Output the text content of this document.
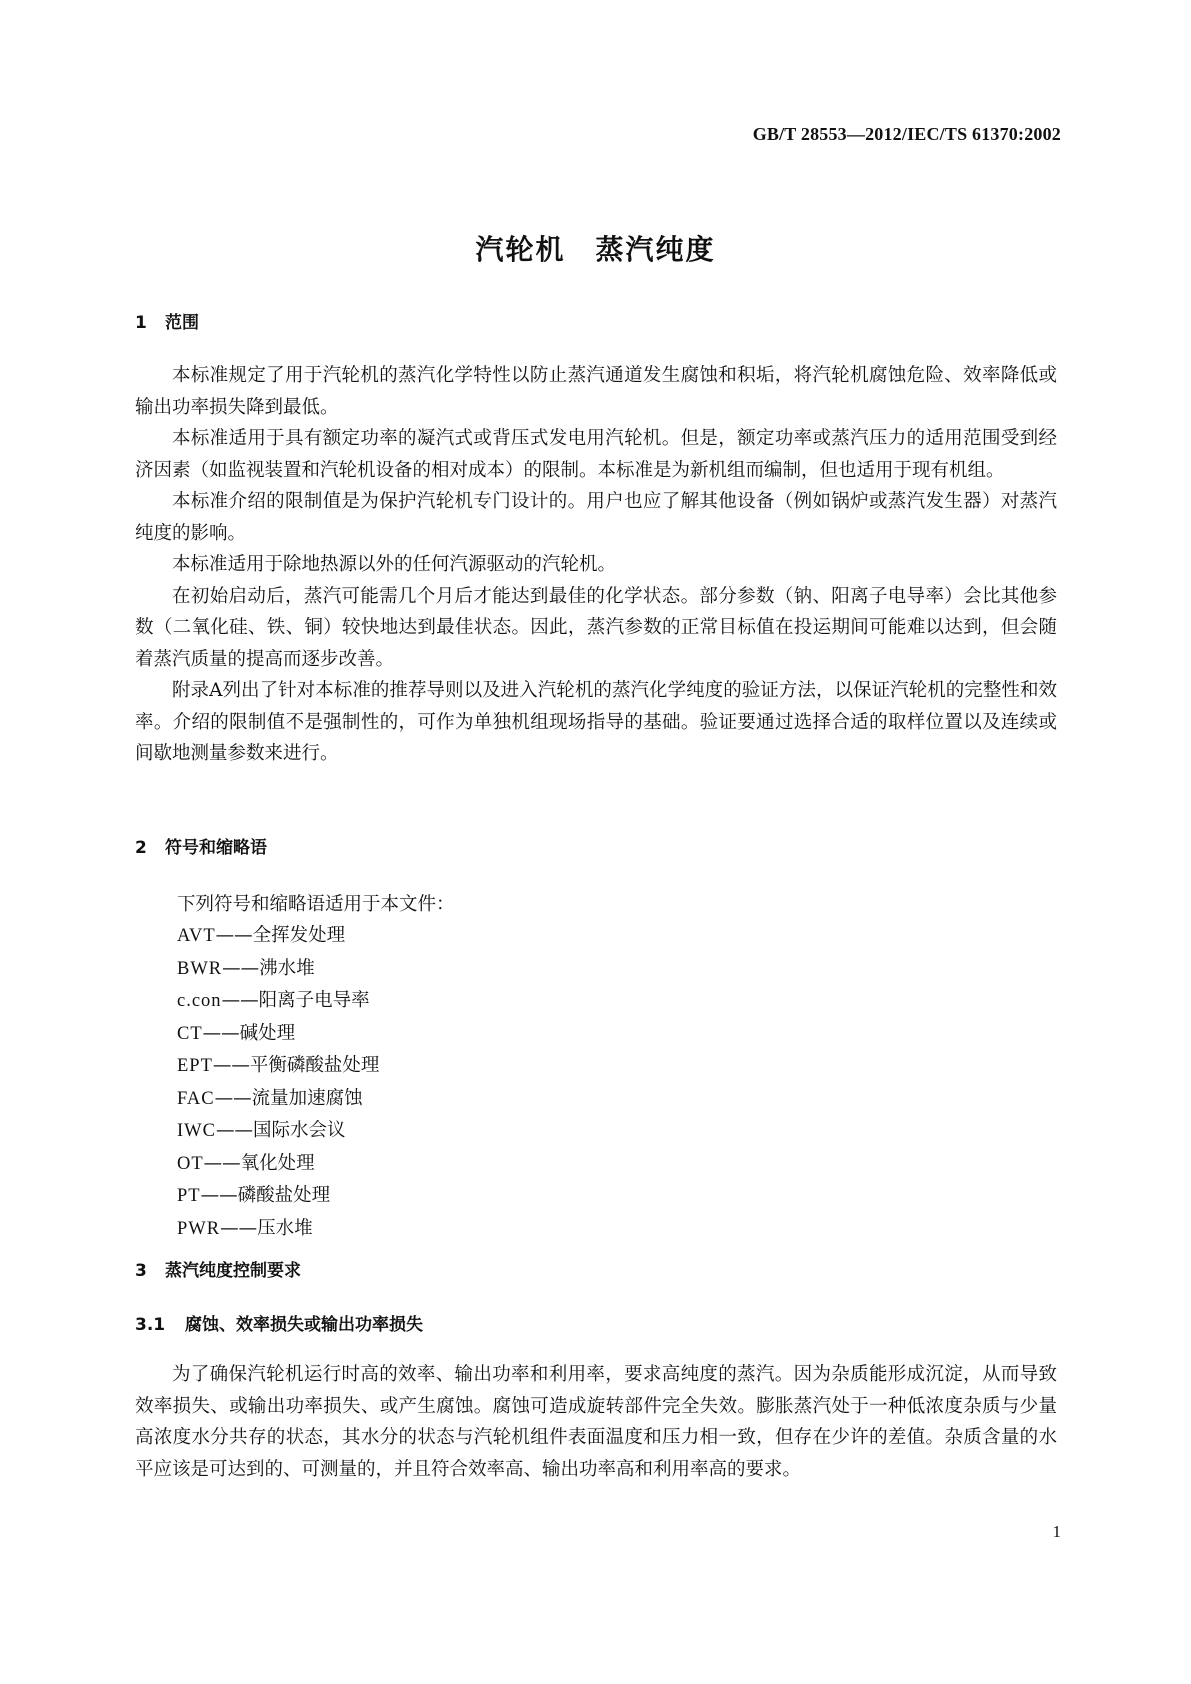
GB/T 28553—2012/IEC/TS 61370:2002
汽轮机　蒸汽纯度
1 范围

本标准规定了用于汽轮机的蒸汽化学特性以防止蒸汽通道发生腐蚀和积垢，将汽轮机腐蚀危险、效率降低或输出功率损失降到最低。

本标准适用于具有额定功率的凝汽式或背压式发电用汽轮机。但是，额定功率或蒸汽压力的适用范围受到经济因素（如监视装置和汽轮机设备的相对成本）的限制。本标准是为新机组而编制，但也适用于现有机组。

本标准介绍的限制值是为保护汽轮机专门设计的。用户也应了解其他设备（例如锅炉或蒸汽发生器）对蒸汽纯度的影响。

本标准适用于除地热源以外的任何汽源驱动的汽轮机。

在初始启动后，蒸汽可能需几个月后才能达到最佳的化学状态。部分参数（钠、阳离子电导率）会比其他参数（二氧化硅、铁、铜）较快地达到最佳状态。因此，蒸汽参数的正常目标值在投运期间可能难以达到，但会随着蒸汽质量的提高而逐步改善。

附录A列出了针对本标准的推荐导则以及进入汽轮机的蒸汽化学纯度的验证方法，以保证汽轮机的完整性和效率。介绍的限制值不是强制性的，可作为单独机组现场指导的基础。验证要通过选择合适的取样位置以及连续或间歇地测量参数来进行。

2 符号和缩略语
下列符号和缩略语适用于本文件：
AVT——全挥发处理
BWR——沸水堆
c.con——阳离子电导率
CT——碱处理
EPT——平衡磷酸盐处理
FAC——流量加速腐蚀
IWC——国际水会议
OT——氧化处理
PT——磷酸盐处理
PWR——压水堆
3 蒸汽纯度控制要求
3.1 腐蚀、效率损失或输出功率损失

为了确保汽轮机运行时高的效率、输出功率和利用率，要求高纯度的蒸汽。因为杂质能形成沉淀，从而导致效率损失、或输出功率损失、或产生腐蚀。腐蚀可造成旋转部件完全失效。膨胀蒸汽处于一种低浓度杂质与少量高浓度水分共存的状态，其水分的状态与汽轮机组件表面温度和压力相一致，但存在少许的差值。杂质含量的水平应该是可达到的、可测量的，并且符合效率高、输出功率高和利用率高的要求。

1
